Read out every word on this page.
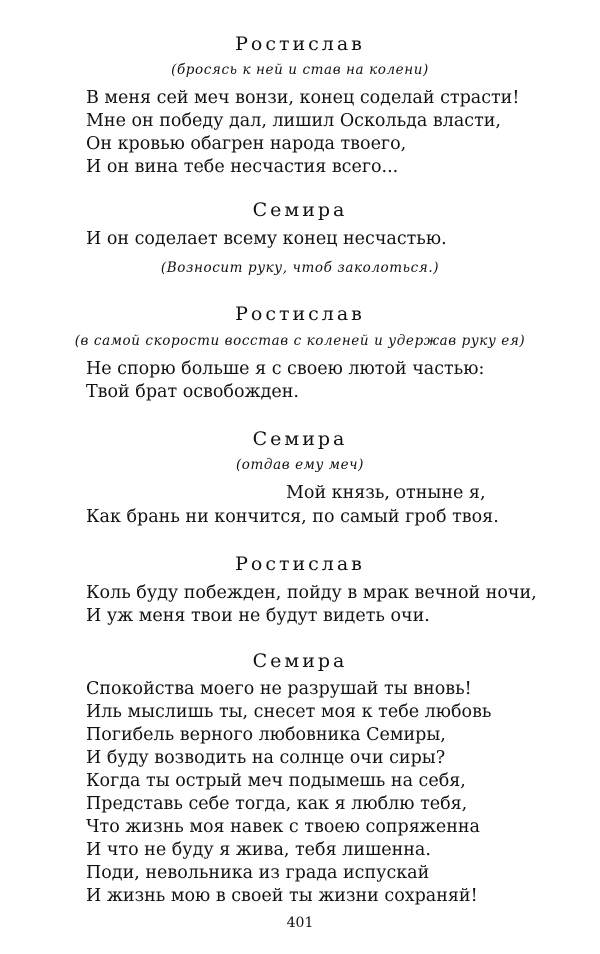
Ростислав
(бросясь к ней и став на колени)
В меня сей меч вонзи, конец соделай страсти!
Мне он победу дал, лишил Оскольда власти,
Он кровью обагрен народа твоего,
И он вина тебе несчастия всего...
Семира
И он соделает всему конец несчастью.
(Возносит руку, чтоб заколоться.)
Ростислав
(в самой скорости восстав с коленей и удержав руку ея)
Не спорю больше я с своею лютой частью:
Твой брат освобожден.
Семира
(отдав ему меч)
Мой князь, отныне я,
Как брань ни кончится, по самый гроб твоя.
Ростислав
Коль буду побежден, пойду в мрак вечной ночи,
И уж меня твои не будут видеть очи.
Семира
Спокойства моего не разрушай ты вновь!
Иль мыслишь ты, снесет моя к тебе любовь
Погибель верного любовника Семиры,
И буду возводить на солнце очи сиры?
Когда ты острый меч подымешь на себя,
Представь себе тогда, как я люблю тебя,
Что жизнь моя навек с твоею сопряженна
И что не буду я жива, тебя лишенна.
Поди, невольника из града испускай
И жизнь мою в своей ты жизни сохраняй!
401
